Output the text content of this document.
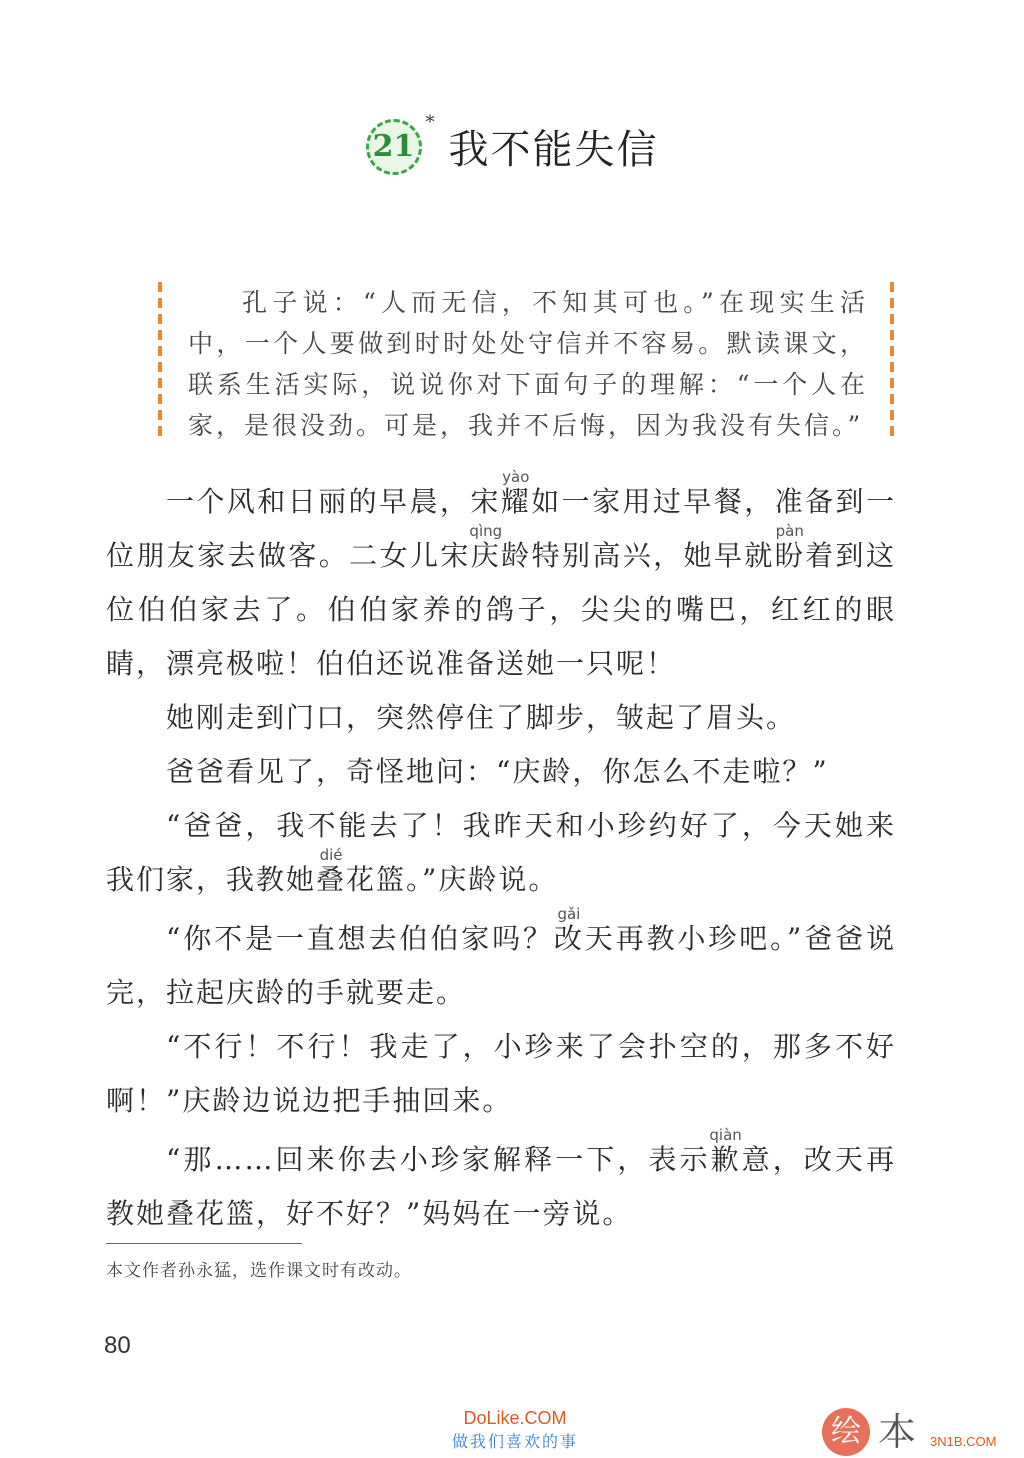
21*我不能失信
孔子说：“人而无信，不知其可也。”在现实生活中，一个人要做到时时处处守信并不容易。默读课文，联系生活实际，说说你对下面句子的理解：“一个人在家，是很没劲。可是，我并不后悔，因为我没有失信。”

一个风和日丽的早晨，宋耀yào如一家用过早餐，准备到一位朋友家去做客。二女儿宋庆qìng龄特别高兴，她早就盼pàn着到这位伯伯家去了。伯伯家养的鸽子，尖尖的嘴巴，红红的眼睛，漂亮极啦！伯伯还说准备送她一只呢！

她刚走到门口，突然停住了脚步，皱起了眉头。

爸爸看见了，奇怪地问：“庆龄，你怎么不走啦？”

“爸爸，我不能去了！我昨天和小珍约好了，今天她来我们家，我教她叠dié花篮。”庆龄说。

“你不是一直想去伯伯家吗？改gǎi天再教小珍吧。”爸爸说完，拉起庆龄的手就要走。

“不行！不行！我走了，小珍来了会扑空的，那多不好啊！”庆龄边说边把手抽回来。

“那……回来你去小珍家解释一下，表示歉qiàn意，改天再教她叠花篮，好不好？”妈妈在一旁说。

本文作者孙永猛，选作课文时有改动。
80
DoLike.COM
做我们喜欢的事	绘 本 3N1B.COM
